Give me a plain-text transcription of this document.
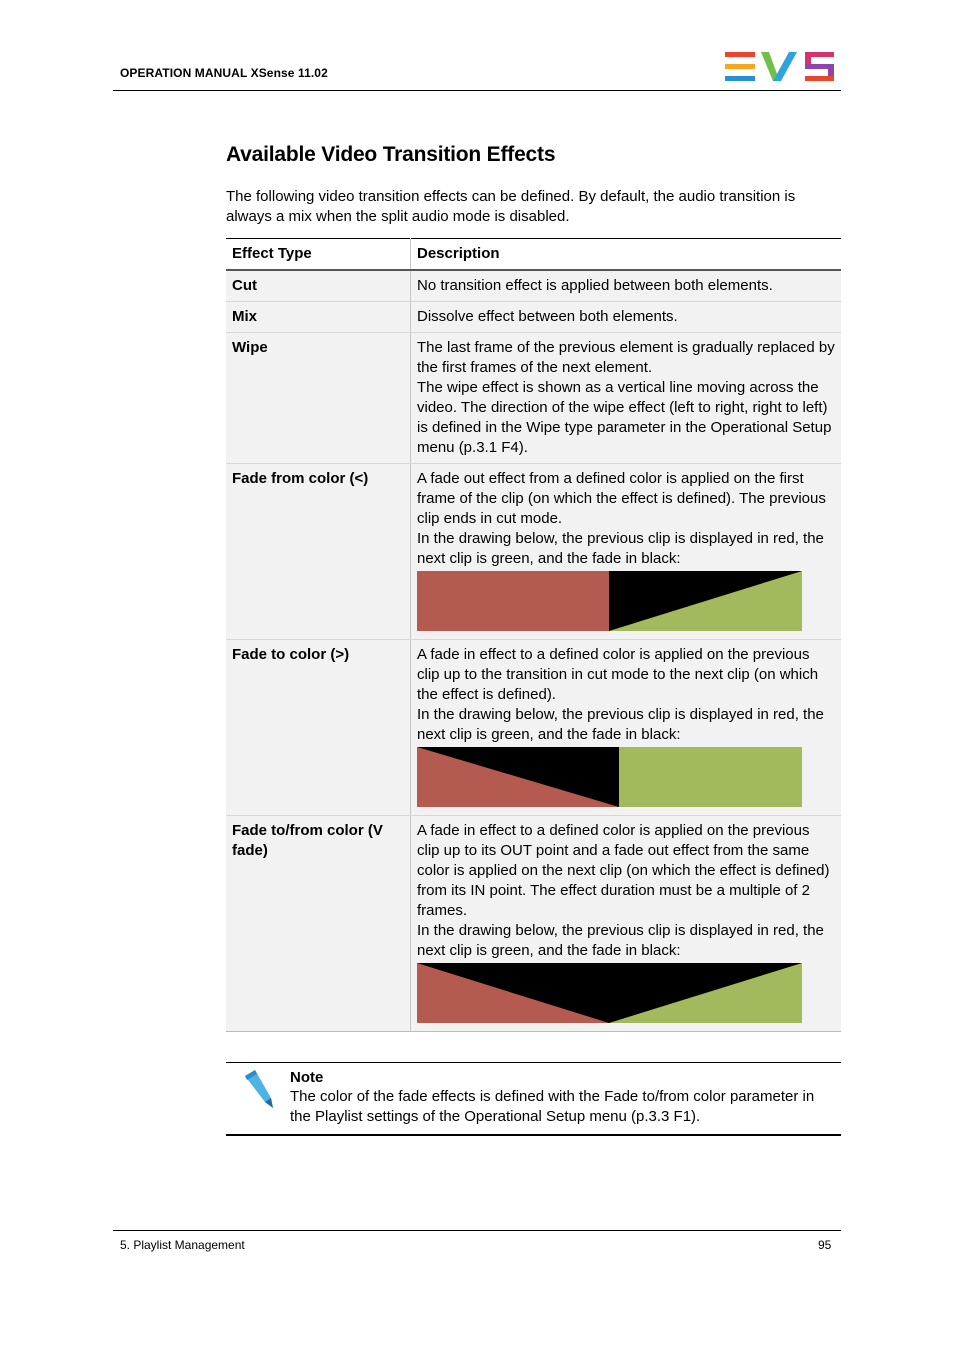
OPERATION MANUAL XSense 11.02
Available Video Transition Effects

The following video transition effects can be defined. By default, the audio transition is always a mix when the split audio mode is disabled.

Effect Type	Description
Cut	No transition effect is applied between both elements.

Mix	Dissolve effect between both elements.

Wipe	The last frame of the previous element is gradually replaced by the first frames of the next element.
The wipe effect is shown as a vertical line moving across the video. The direction of the wipe effect (left to right, right to left) is defined in the Wipe type parameter in the Operational Setup menu (p.3.1 F4).

Fade from color (<)	A fade out effect from a defined color is applied on the first frame of the clip (on which the effect is defined). The previous clip ends in cut mode.
In the drawing below, the previous clip is displayed in red, the next clip is green, and the fade in black:

Fade to color (>)	A fade in effect to a defined color is applied on the previous clip up to the transition in cut mode to the next clip (on which the effect is defined).
In the drawing below, the previous clip is displayed in red, the next clip is green, and the fade in black:

Fade to/from color (V fade)	A fade in effect to a defined color is applied on the previous clip up to its OUT point and a fade out effect from the same color is applied on the next clip (on which the effect is defined) from its IN point. The effect duration must be a multiple of 2 frames.
In the drawing below, the previous clip is displayed in red, the next clip is green, and the fade in black:
Note

The color of the fade effects is defined with the Fade to/from color parameter in the Playlist settings of the Operational Setup menu (p.3.3 F1).

5. Playlist Management	95
